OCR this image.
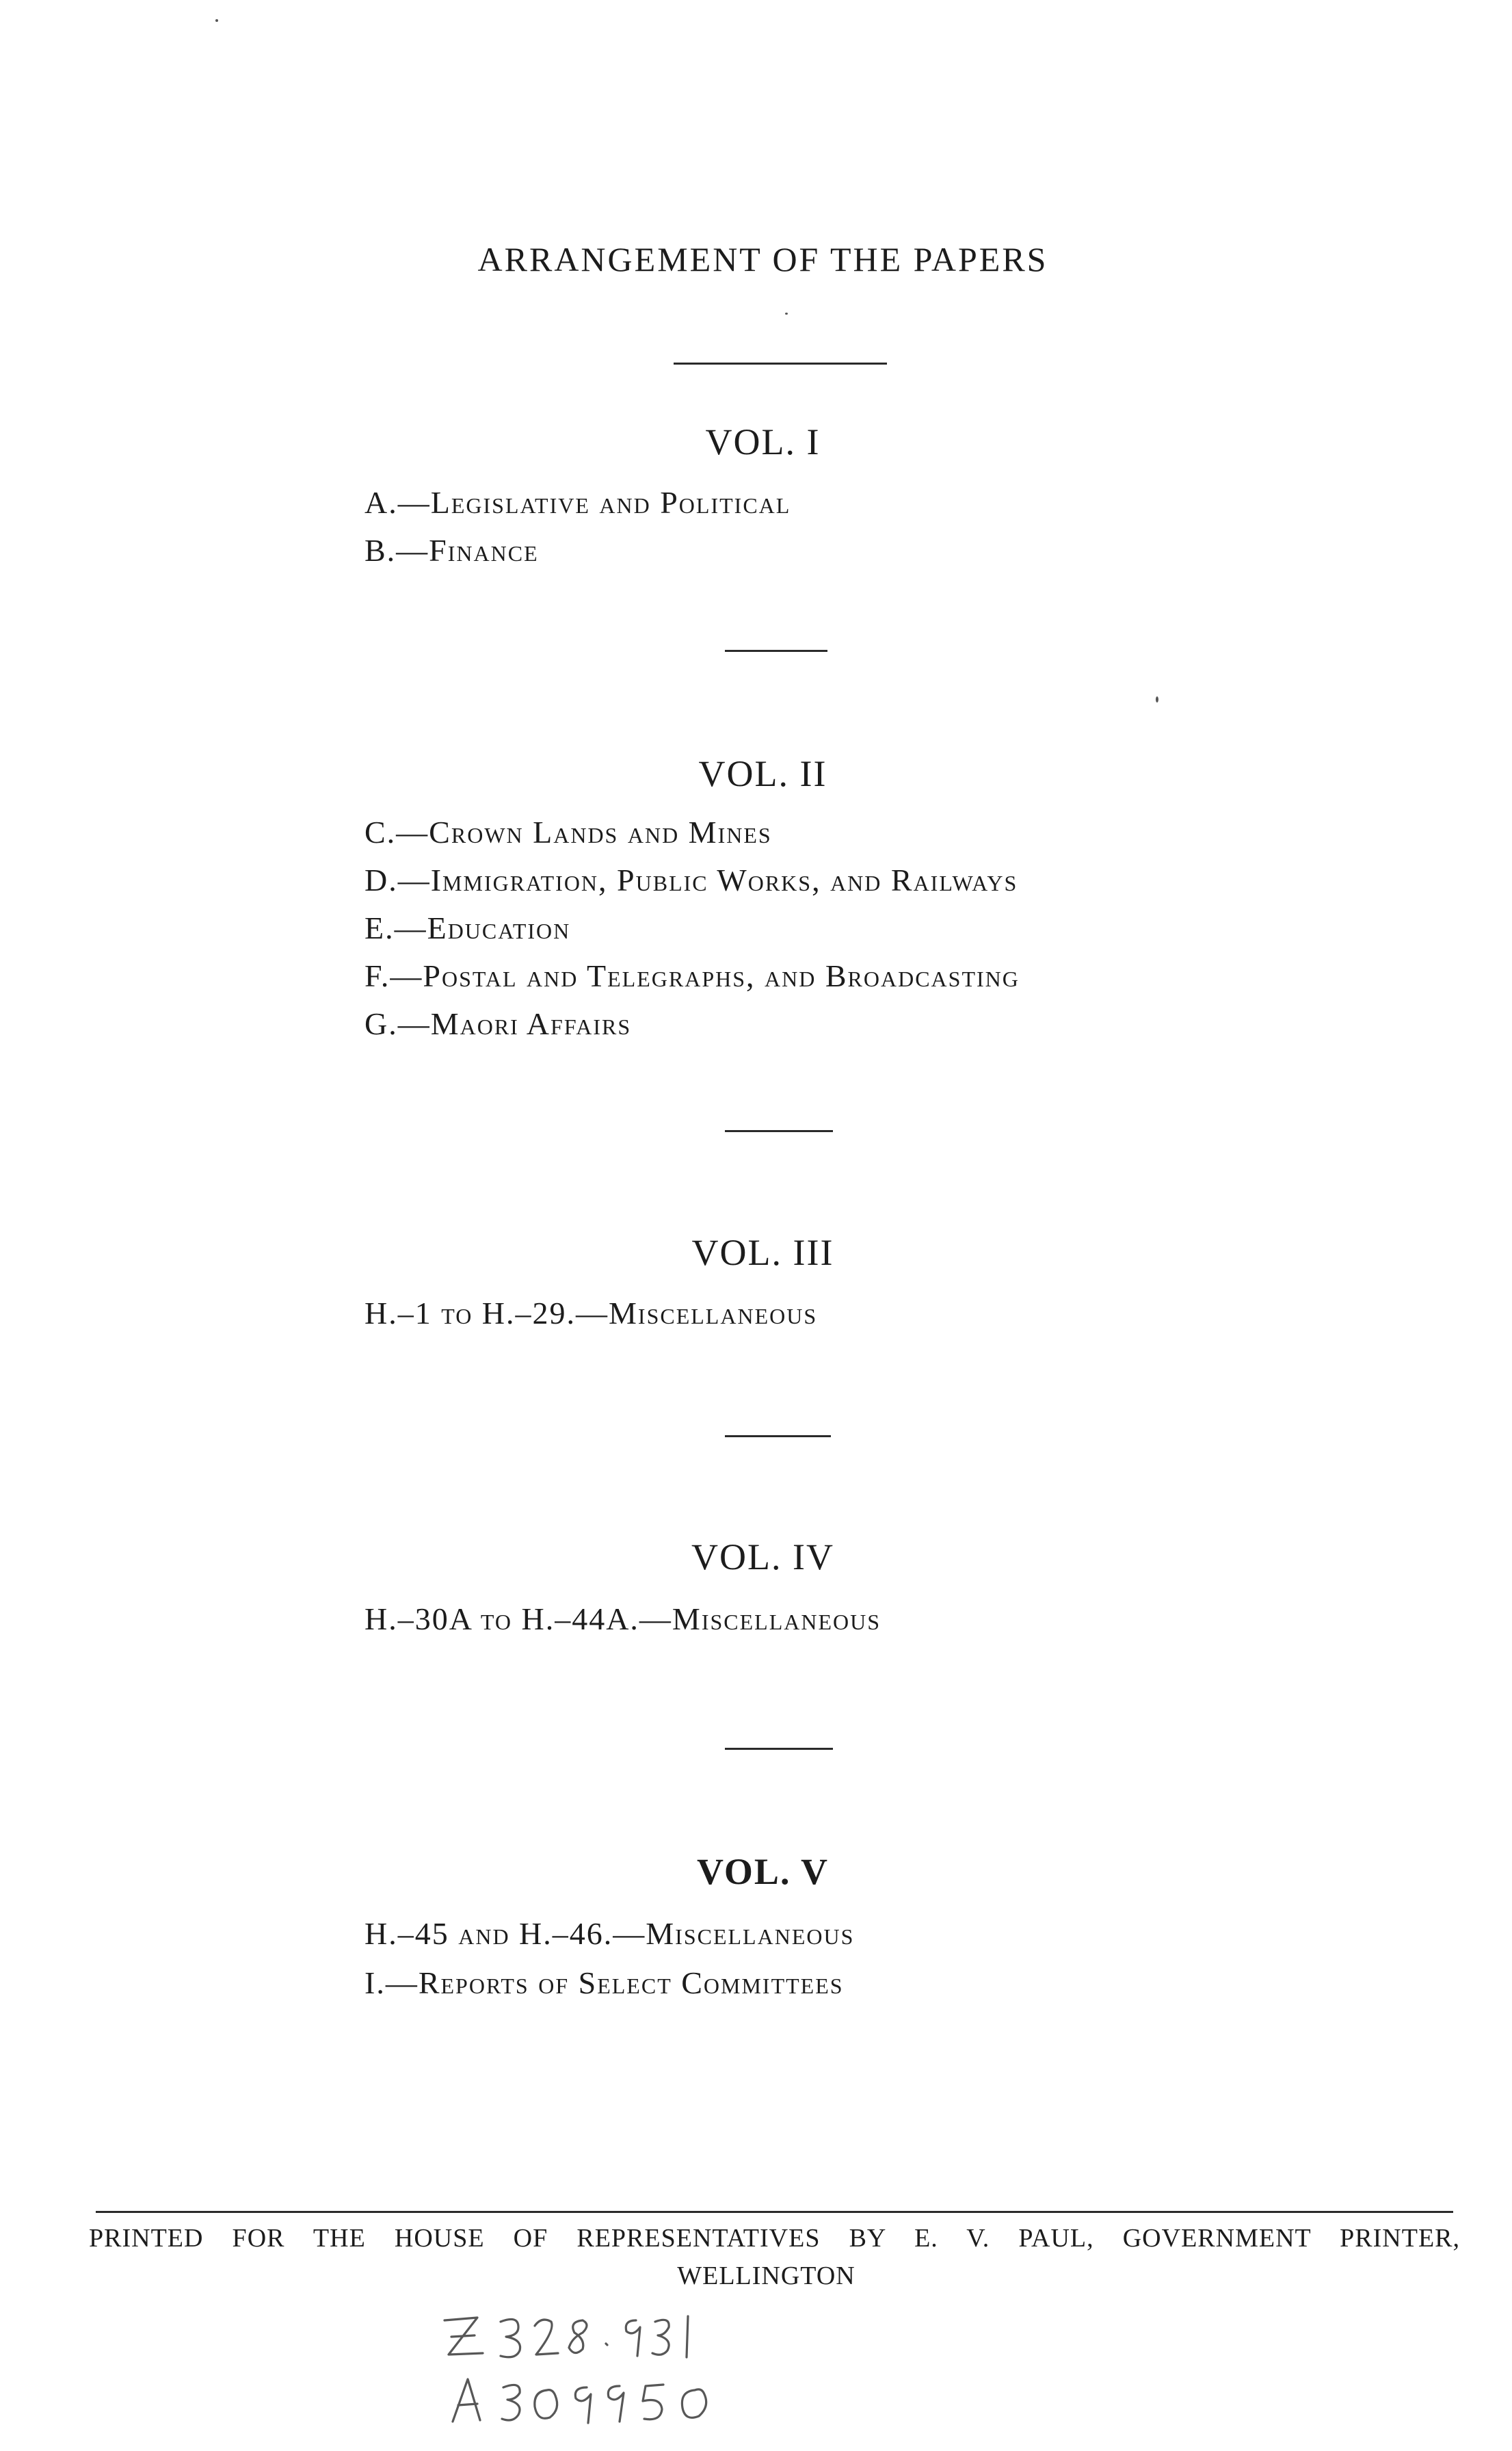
ARRANGEMENT OF THE PAPERS
VOL. I
A.—Legislative and Political
B.—Finance
VOL. II
C.—Crown Lands and Mines
D.—Immigration, Public Works, and Railways
E.—Education
F.—Postal and Telegraphs, and Broadcasting
G.—Maori Affairs
VOL. III
H.–1 to H.–29.—Miscellaneous
VOL. IV
H.–30A to H.–44A.—Miscellaneous
VOL. V
H.–45 and H.–46.—Miscellaneous
I.—Reports of Select Committees
PRINTED FOR THE HOUSE OF REPRESENTATIVES BY E. V. PAUL, GOVERNMENT PRINTER,
WELLINGTON
